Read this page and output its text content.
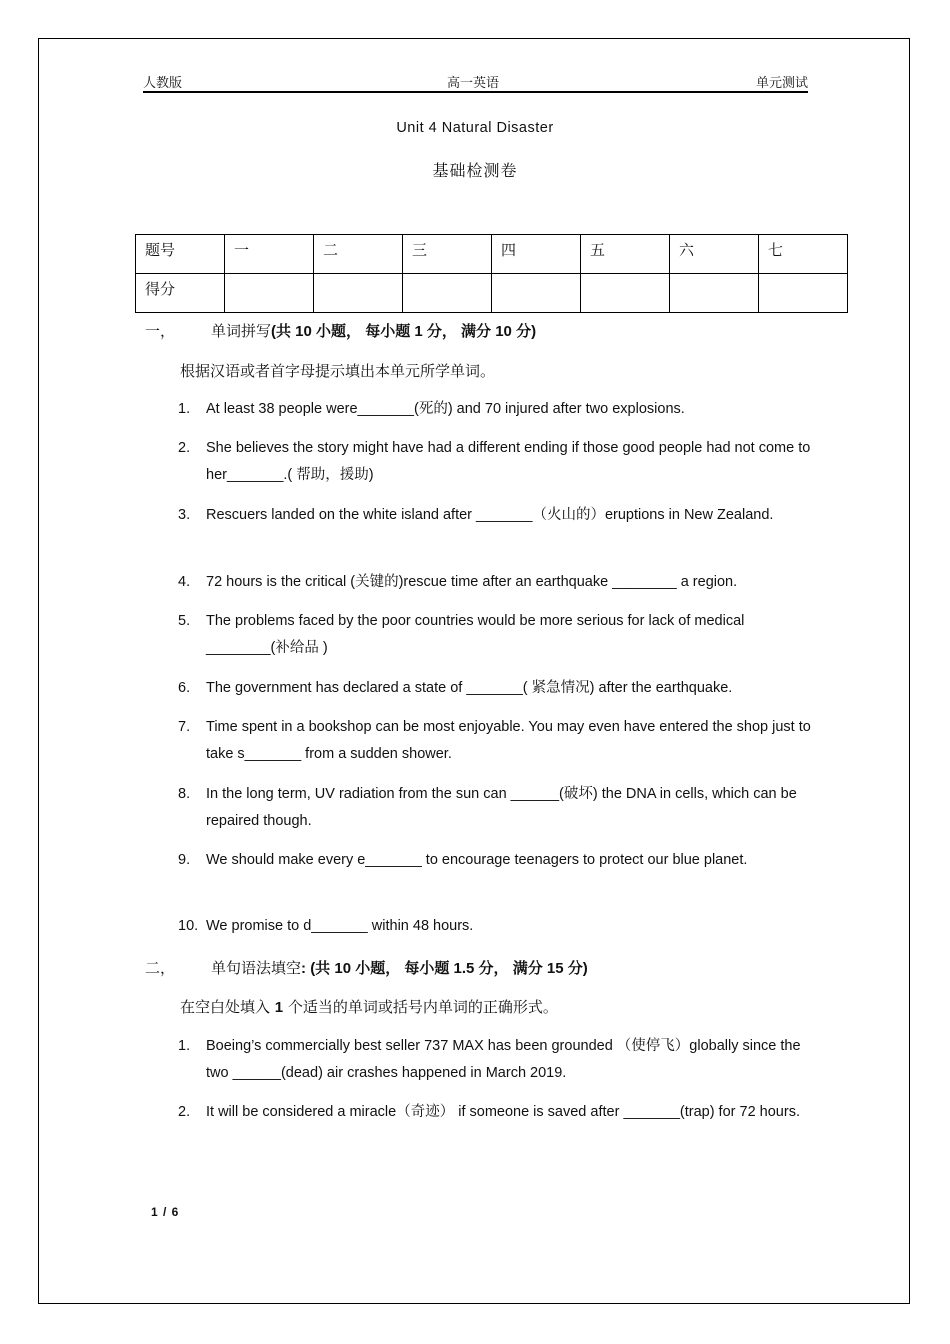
人教版	高一英语	单元测试
Unit 4 Natural Disaster
基础检测卷
题号	一	二	三	四	五	六	七

得分							

一， 单词拼写(共 10 小题， 每小题 1 分， 满分 10 分)
根据汉语或者首字母提示填出本单元所学单词。
1. At least 38 people were_______(死的) and 70 injured after two explosions.
2. She believes the story might have had a different ending if those good people had not come to her_______.( 帮助，援助)
3. Rescuers landed on the white island after _______（火山的）eruptions in New Zealand.
4. 72 hours is the critical (关键的)rescue time after an earthquake ________ a region.
5. The problems faced by the poor countries would be more serious for lack of medical ________(补给品 )
6. The government has declared a state of _______( 紧急情况) after the earthquake.
7. Time spent in a bookshop can be most enjoyable. You may even have entered the shop just to take s_______ from a sudden shower.
8. In the long term, UV radiation from the sun can ______(破坏) the DNA in cells, which can be repaired though.
9. We should make every e_______ to encourage teenagers to protect our blue planet.
10. We promise to d_______ within 48 hours.
二， 单句语法填空: (共 10 小题， 每小题 1.5 分， 满分 15 分)
在空白处填入 1 个适当的单词或括号内单词的正确形式。
1. Boeing’s commercially best seller 737 MAX has been grounded （使停飞）globally since the two ______(dead) air crashes happened in March 2019.
2. It will be considered a miracle（奇迹） if someone is saved after _______(trap) for 72 hours.
1 / 6
